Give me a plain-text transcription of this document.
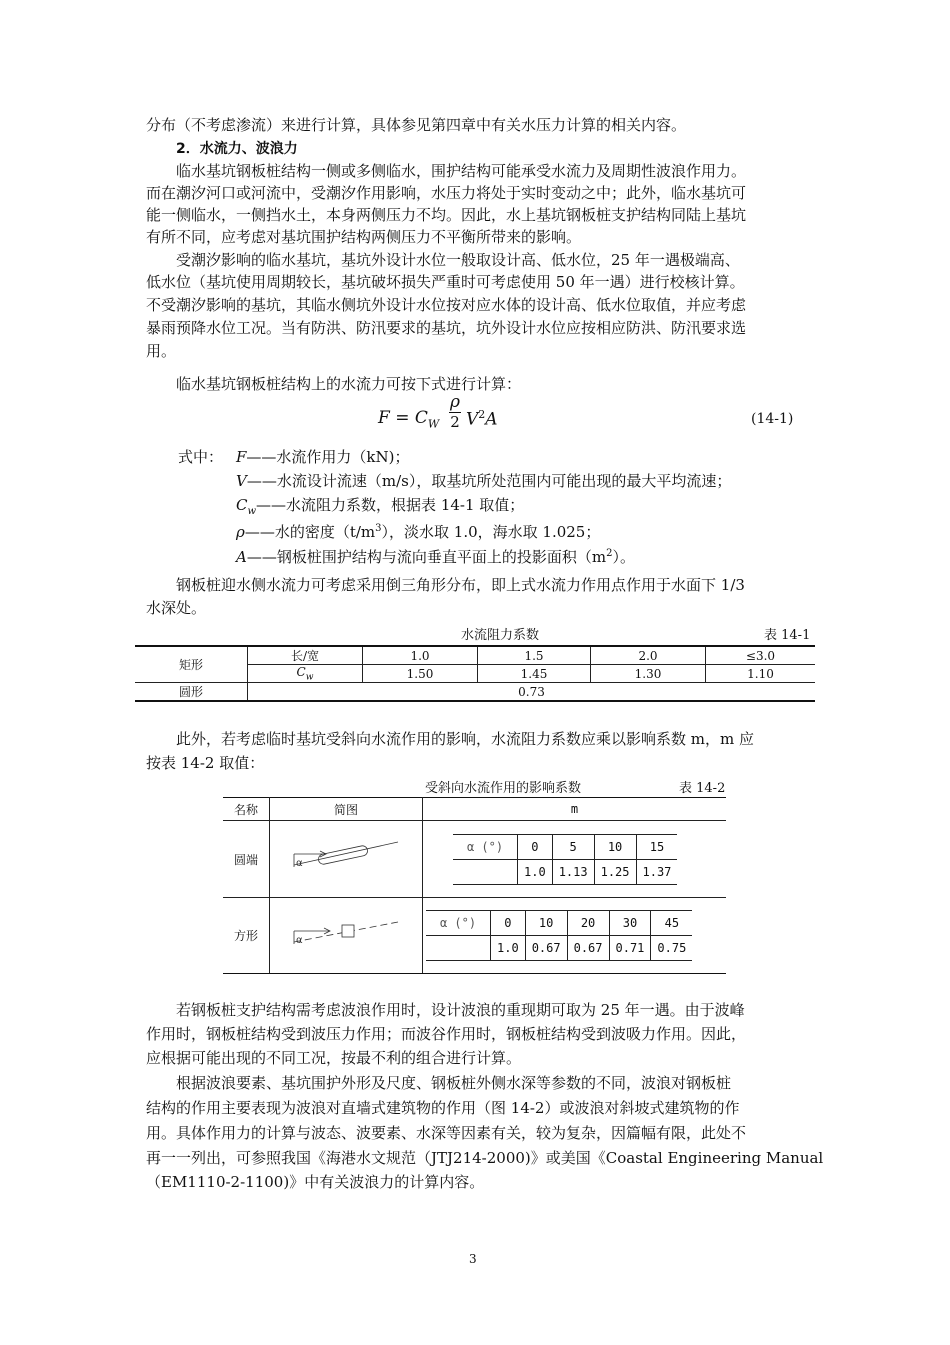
分布（不考虑渗流）来进行计算，具体参见第四章中有关水压力计算的相关内容。
2．水流力、波浪力
临水基坑钢板桩结构一侧或多侧临水，围护结构可能承受水流力及周期性波浪作用力。
而在潮汐河口或河流中，受潮汐作用影响，水压力将处于实时变动之中；此外，临水基坑可
能一侧临水，一侧挡水土，本身两侧压力不均。因此，水上基坑钢板桩支护结构同陆上基坑
有所不同，应考虑对基坑围护结构两侧压力不平衡所带来的影响。
受潮汐影响的临水基坑，基坑外设计水位一般取设计高、低水位，25 年一遇极端高、
低水位（基坑使用周期较长，基坑破坏损失严重时可考虑使用 50 年一遇）进行校核计算。
不受潮汐影响的基坑，其临水侧坑外设计水位按对应水体的设计高、低水位取值，并应考虑
暴雨预降水位工况。当有防洪、防汛要求的基坑，坑外设计水位应按相应防洪、防汛要求选
用。
临水基坑钢板桩结构上的水流力可按下式进行计算：
$F = C_W$
ρ
2 $V^2A$	(14-1)
式中： F——水流作用力（kN)；
V——水流设计流速（m/s），取基坑所处范围内可能出现的最大平均流速；
$C_w——$水流阻力系数，根据表 14-1 取值；
ρ——水的密度$(t/m^3)$，淡水取 1.0，海水取 1.025；
A——钢板桩围护结构与流向垂直平面上的投影面积$(m^2)$。
钢板桩迎水侧水流力可考虑采用倒三角形分布，即上式水流力作用点作用于水面下 1/3
水深处。
水流阻力系数	表 14-1
矩形	长/宽	1.0	1.5	2.0	≤3.0
	$C_w$	1.50	1.45	1.30	1.10
圆形	0.73				
此外，若考虑临时基坑受斜向水流作用的影响，水流阻力系数应乘以影响系数 m，m 应
按表 14-2 取值：
受斜向水流作用的影响系数	表 14-2
名称	简图	m
圆端	α

α (°)	0	5	10	15
	1.0	1.13	1.25	1.37

方形	α

α (°)	0	10	20	30	45
	1.0	0.67	0.67	0.71	0.75
若钢板桩支护结构需考虑波浪作用时，设计波浪的重现期可取为 25 年一遇。由于波峰
作用时，钢板桩结构受到波压力作用；而波谷作用时，钢板桩结构受到波吸力作用。因此，
应根据可能出现的不同工况，按最不利的组合进行计算。
根据波浪要素、基坑围护外形及尺度、钢板桩外侧水深等参数的不同，波浪对钢板桩
结构的作用主要表现为波浪对直墙式建筑物的作用（图 14-2）或波浪对斜坡式建筑物的作
用。具体作用力的计算与波态、波要素、水深等因素有关，较为复杂，因篇幅有限，此处不
再一一列出，可参照我国《海港水文规范（JTJ214-2000)》或美国《Coastal Engineering Manual
（EM1110-2-1100)》中有关波浪力的计算内容。
3
